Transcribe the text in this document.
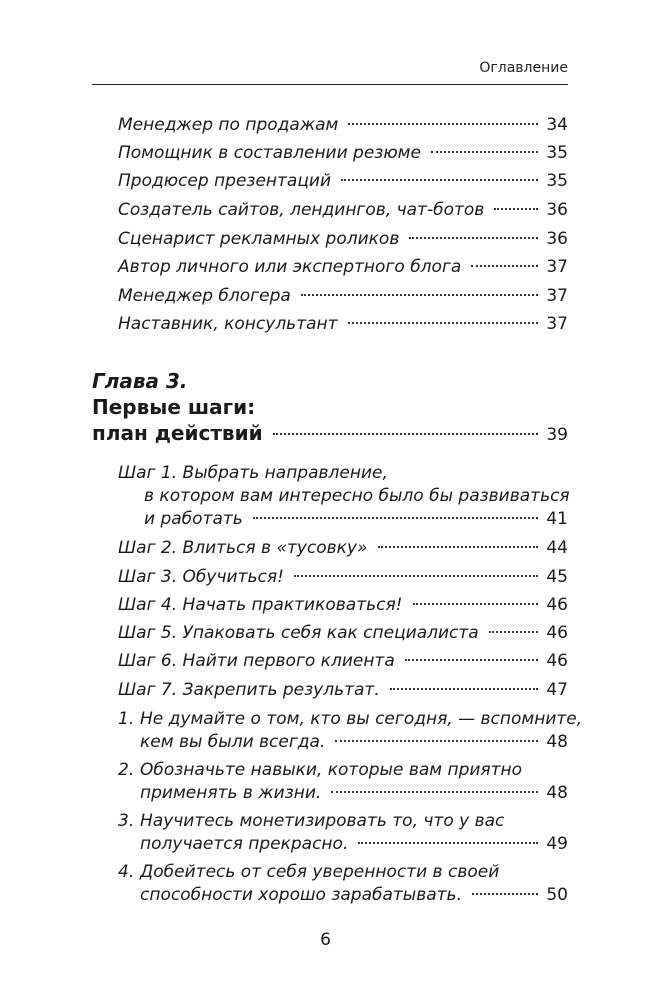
Оглавление
Менеджер по продажам	34
Помощник в составлении резюме	35
Продюсер презентаций	35
Создатель сайтов, лендингов, чат-ботов	36
Сценарист рекламных роликов	36
Автор личного или экспертного блога	37
Менеджер блогера	37
Наставник, консультант	37
Глава 3.
Первые шаги:
план действий	39
Шаг 1. Выбрать направление,
в котором вам интересно было бы развиваться
и работать	41
Шаг 2. Влиться в «тусовку»	44
Шаг 3. Обучиться!	45
Шаг 4. Начать практиковаться!	46
Шаг 5. Упаковать себя как специалиста	46
Шаг 6. Найти первого клиента	46
Шаг 7. Закрепить результат.	47
1. Не думайте о том, кто вы сегодня, — вспомните,
кем вы были всегда.	48
2. Обозначьте навыки, которые вам приятно
применять в жизни.	48
3. Научитесь монетизировать то, что у вас
получается прекрасно.	49
4. Добейтесь от себя уверенности в своей
способности хорошо зарабатывать.	50
6
